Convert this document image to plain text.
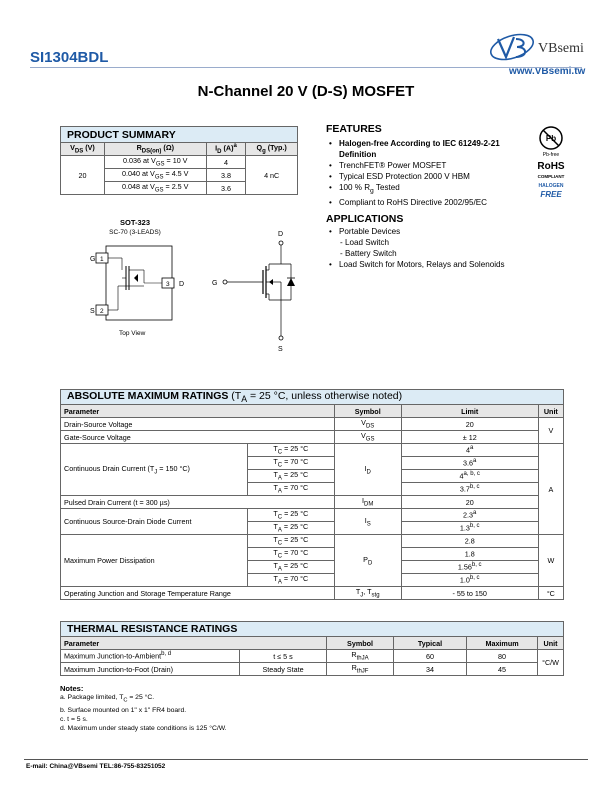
SI1304BDL
VBsemi
www.VBsemi.tw
N-Channel 20 V (D-S) MOSFET
PRODUCT SUMMARY			
$V_{DS}$ (V)	$R_{DS(on)}$ (Ω)	$I_D$ $(A)^a$	$Q_g$ (Typ.)
20	0.036 at $V_{GS} = 10$ V	4	4 nC
	0.040 at $V_{GS} = 4.5$ V	3.8	
	0.048 at $V_{GS} = 2.5$ V	3.6	
FEATURES
• Halogen-free According to IEC 61249-2-21
Definition
• TrenchFET® Power MOSFET
• Typical ESD Protection 2000 V HBM
• 100 % $R_g$ Tested
• Compliant to RoHS Directive 2002/95/EC
Pb
Pb-free
RoHS
COMPLIANT
HALOGEN
FREE
APPLICATIONS
• Portable Devices
- Load Switch
- Battery Switch
• Load Switch for Motors, Relays and Solenoids
SOT-323
SC-70 (3-LEADS)
G 1
S 2
3 D
Top View
D
S
G
ABSOLUTE MAXIMUM RATINGS ($T_A = 25$ °C, unless otherwise noted)				
Parameter		Symbol	Limit	Unit
Drain-Source Voltage		$V_{DS}$	20	V
Gate-Source Voltage		$V_{GS}$	± 12	
Continuous Drain Current ($T_J = 150$ °C)	$T_C = 25$ °C	$I_D$	4$^a$	A
	$T_C = 70$ °C		3.6$^a$
	$T_A = 25$ °C		4$^{a, b, c}$
	$T_A = 70$ °C		3.7$^{b, c}$
Pulsed Drain Current (t = 300 µs)		$I_{DM}$	20	
Continuous Source-Drain Diode Current	$T_C = 25$ °C	$I_S$	2.3$^a$
	$T_A = 25$ °C		1.3$^{b, c}$
Maximum Power Dissipation	$T_C = 25$ °C	$P_D$	2.8	W
	$T_C = 70$ °C		1.8	
	$T_A = 25$ °C		1.56$^{b, c}$
	$T_A = 70$ °C		1.0$^{b, c}$
Operating Junction and Storage Temperature Range		$T_J$, $T_{stg}$	- 55 to 150	°C
THERMAL RESISTANCE RATINGS					
Parameter		Symbol	Typical	Maximum	Unit
Maximum Junction-to-Ambient$^{b, d}$	t ≤ 5 s	$R_{thJA}$	60	80	°C/W
Maximum Junction-to-Foot (Drain)	Steady State	$R_{thJF}$	34	45	
Notes:
a. Package limited, $T_C = 25$ °C.
b. Surface mounted on 1" x 1" FR4 board.
c. t = 5 s.
d. Maximum under steady state conditions is 125 °C/W.
E-mail: China@VBsemi TEL:86-755-83251052
